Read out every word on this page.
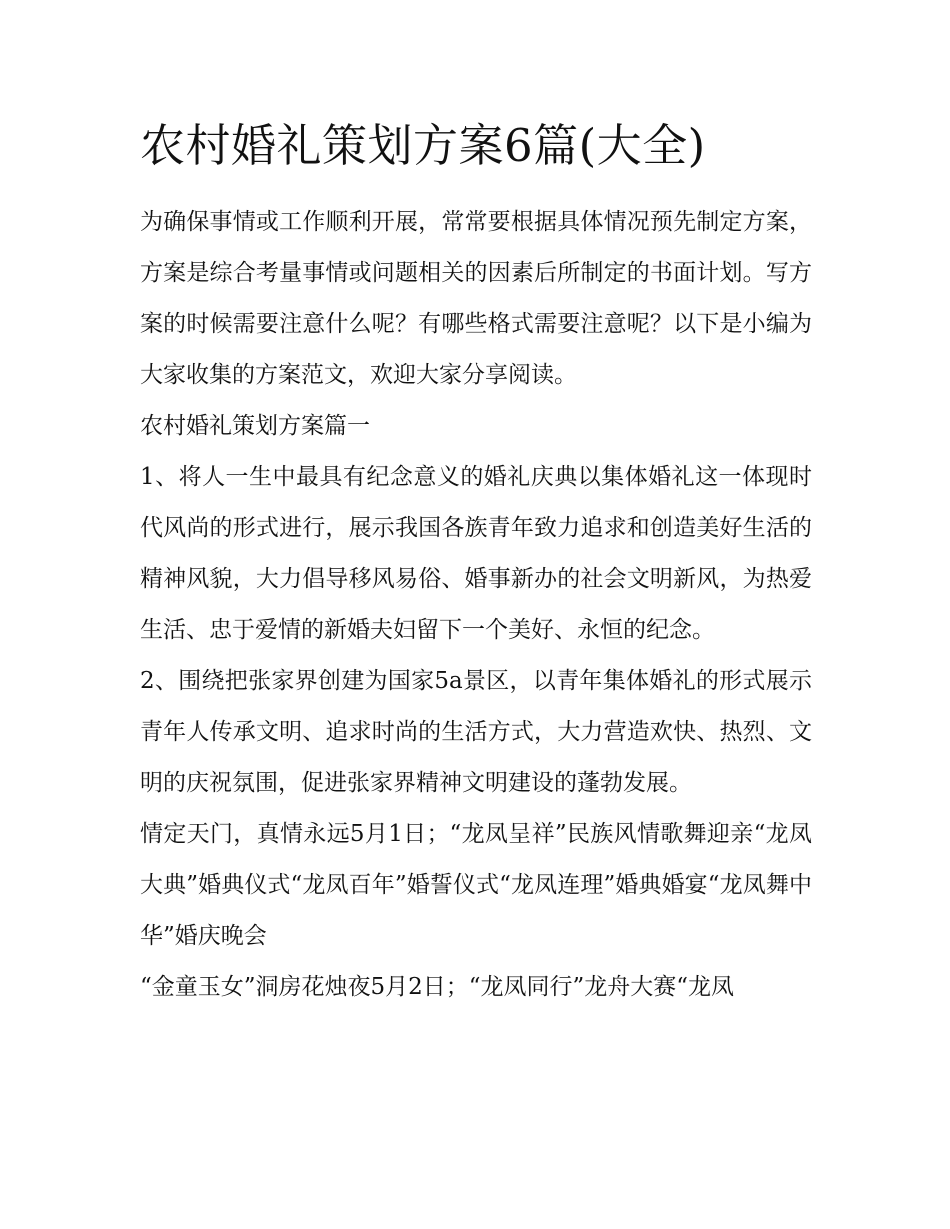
农村婚礼策划方案6篇(大全)

为确保事情或工作顺利开展，常常要根据具体情况预先制定方案，方案是综合考量事情或问题相关的因素后所制定的书面计划。写方案的时候需要注意什么呢？有哪些格式需要注意呢？以下是小编为大家收集的方案范文，欢迎大家分享阅读。

农村婚礼策划方案篇一

1、将人一生中最具有纪念意义的婚礼庆典以集体婚礼这一体现时代风尚的形式进行，展示我国各族青年致力追求和创造美好生活的精神风貌，大力倡导移风易俗、婚事新办的社会文明新风，为热爱生活、忠于爱情的新婚夫妇留下一个美好、永恒的纪念。

2、围绕把张家界创建为国家5a景区，以青年集体婚礼的形式展示青年人传承文明、追求时尚的生活方式，大力营造欢快、热烈、文明的庆祝氛围，促进张家界精神文明建设的蓬勃发展。

情定天门，真情永远5月1日；“龙凤呈祥”民族风情歌舞迎亲“龙凤大典”婚典仪式“龙凤百年”婚誓仪式“龙凤连理”婚典婚宴“龙凤舞中华”婚庆晚会

“金童玉女”洞房花烛夜5月2日；“龙凤同行”龙舟大赛“龙凤
